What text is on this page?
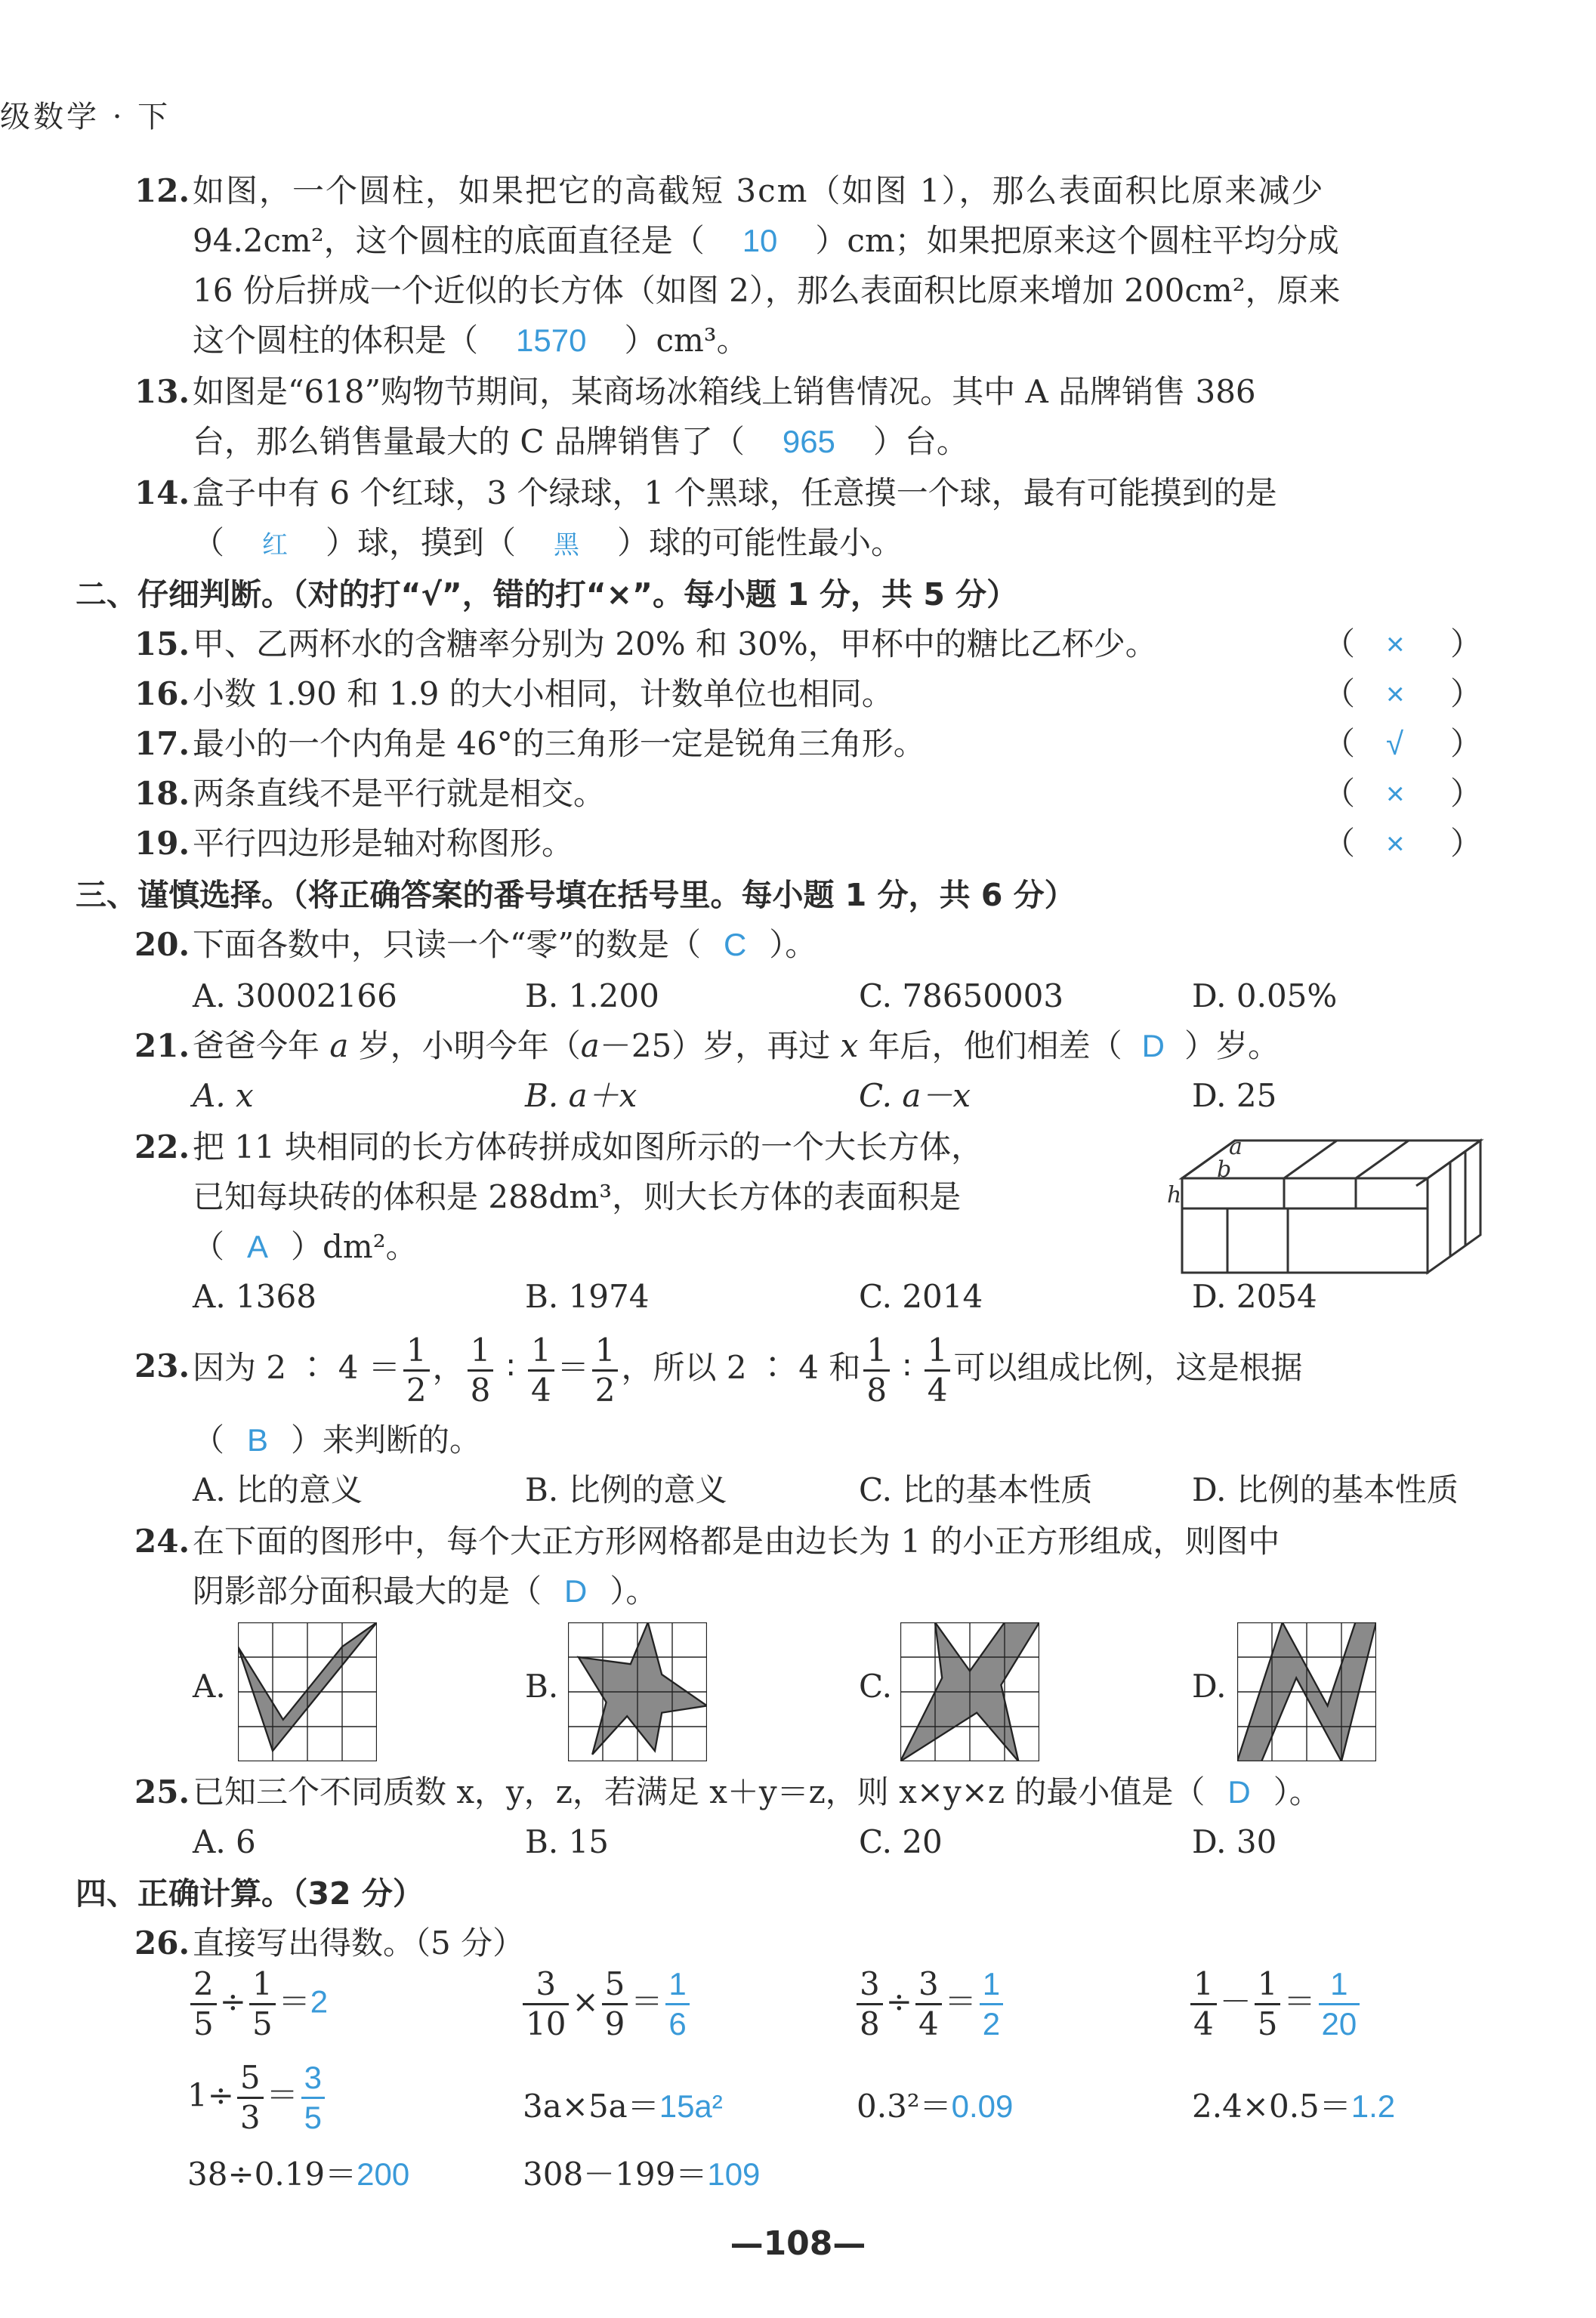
级数学 · 下
12. 如图，一个圆柱，如果把它的高截短 3cm（如图 1），那么表面积比原来减少
94.2cm²，这个圆柱的底面直径是（ 10 ）cm；如果把原来这个圆柱平均分成
16 份后拼成一个近似的长方体（如图 2），那么表面积比原来增加 200cm²，原来
这个圆柱的体积是（ 1570 ）cm³。
13. 如图是“618”购物节期间，某商场冰箱线上销售情况。其中 A 品牌销售 386
台，那么销售量最大的 C 品牌销售了（ 965 ）台。
14. 盒子中有 6 个红球，3 个绿球，1 个黑球，任意摸一个球，最有可能摸到的是
（ 红 ）球，摸到（ 黑 ）球的可能性最小。
二、仔细判断。（对的打“√”，错的打“×”。每小题 1 分，共 5 分）
15. 甲、乙两杯水的含糖率分别为 20% 和 30%，甲杯中的糖比乙杯少。	（ × ）
16. 小数 1.90 和 1.9 的大小相同，计数单位也相同。	（ × ）
17. 最小的一个内角是 46°的三角形一定是锐角三角形。	（ √ ）
18. 两条直线不是平行就是相交。	（ × ）
19. 平行四边形是轴对称图形。	（ × ）
三、谨慎选择。（将正确答案的番号填在括号里。每小题 1 分，共 6 分）
20. 下面各数中，只读一个“零”的数是（ C ）。
A. 30002166	B. 1.200	C. 78650003	D. 0.05%
21. 爸爸今年 a 岁，小明今年（a－25）岁，再过 x 年后，他们相差（ D ）岁。
A. x	B. a＋x	C. a－x	D. 25
22. 把 11 块相同的长方体砖拼成如图所示的一个大长方体，
已知每块砖的体积是 288dm³，则大长方体的表面积是
（ A ）dm²。
a
b
h
A. 1368	B. 1974	C. 2014	D. 2054
23. 因为 2 ∶ $4 = \frac{1}{2}$ ， $\frac{1}{8}$ ∶ $\frac{1}{4} = \frac{1}{2}$ ，所以 2 ∶ 4 和 $\frac{1}{8}$ ∶ $\frac{1}{4}$ 可以组成比例，这是根据
（ B ）来判断的。
A. 比的意义	B. 比例的意义	C. 比的基本性质	D. 比例的基本性质
24. 在下面的图形中，每个大正方形网格都是由边长为 1 的小正方形组成，则图中
阴影部分面积最大的是（ D ）。
A.	B.	C.	D.
25. 已知三个不同质数 x，y，z，若满足 x＋y＝z，则 x×y×z 的最小值是（ D ）。
A. 6	B. 15	C. 20	D. 30
四、正确计算。（32 分）
26. 直接写出得数。（5 分）
$\frac{2}{5} \div \frac{1}{5} =2$	$\frac{3}{10} \times \frac{5}{9} = \frac{1}{6}$	$\frac{3}{8} \div \frac{3}{4} = \frac{1}{2}$	$\frac{1}{4} - \frac{1}{5} = \frac{1}{20}$
$1\div \frac{5}{3} = \frac{3}{5}$	3a×5a＝15a²	0.3²＝0.09	2.4×0.5＝1.2
38÷0.19＝200	308－199＝109
—108—
